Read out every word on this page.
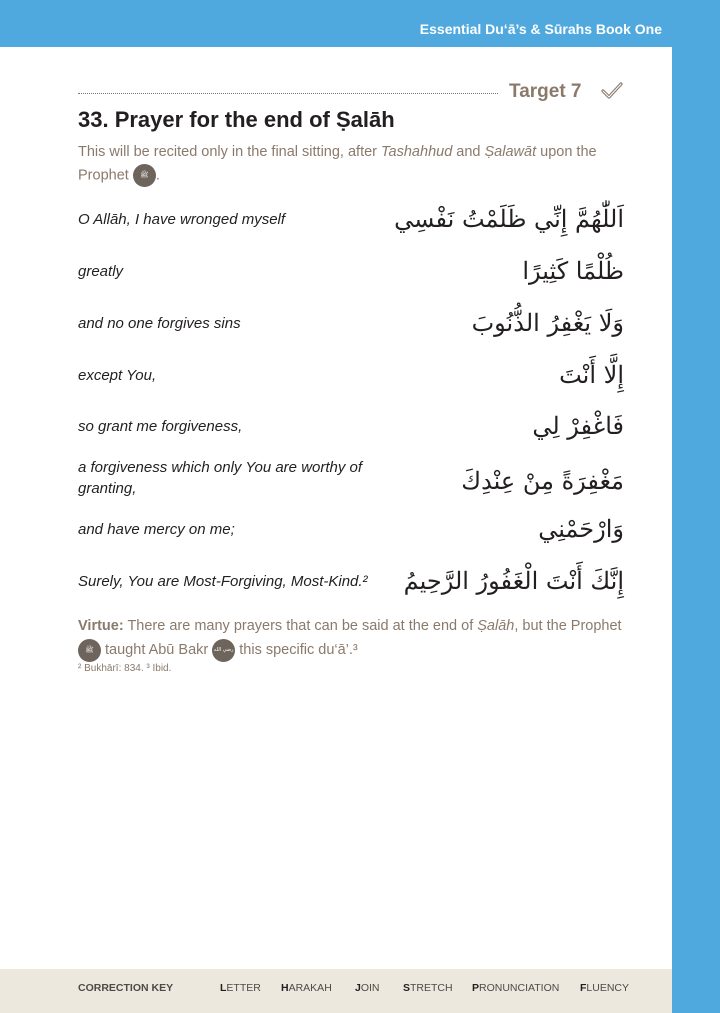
Essential Du‘ā’s & Sūrahs Book One
Target 7
33. Prayer for the end of Ṣalāh
This will be recited only in the final sitting, after Tashahhud and Ṣalawāt upon the Prophet ﷺ .
O Allāh, I have wronged myself	اَللّٰهُمَّ إِنِّي ظَلَمْتُ نَفْسِي
greatly	ظُلْمًا كَثِيرًا
and no one forgives sins	وَلَا يَغْفِرُ الذُّنُوبَ
except You,	إِلَّا أَنْتَ
so grant me forgiveness,	فَاغْفِرْ لِي
a forgiveness which only You are worthy of granting,	مَغْفِرَةً مِنْ عِنْدِكَ
and have mercy on me;	وَارْحَمْنِي
Surely, You are Most-Forgiving, Most-Kind.²	إِنَّكَ أَنْتَ الْغَفُورُ الرَّحِيمُ
Virtue: There are many prayers that can be said at the end of Ṣalāh, but the Prophet
ﷺ taught Abū Bakr رضي الله عنه this specific du‘ā’.³
² Bukhārī: 834. ³ Ibid.
CORRECTION KEY	LETTER HARAKAH JOIN STRETCH PRONUNCIATION FLUENCY
